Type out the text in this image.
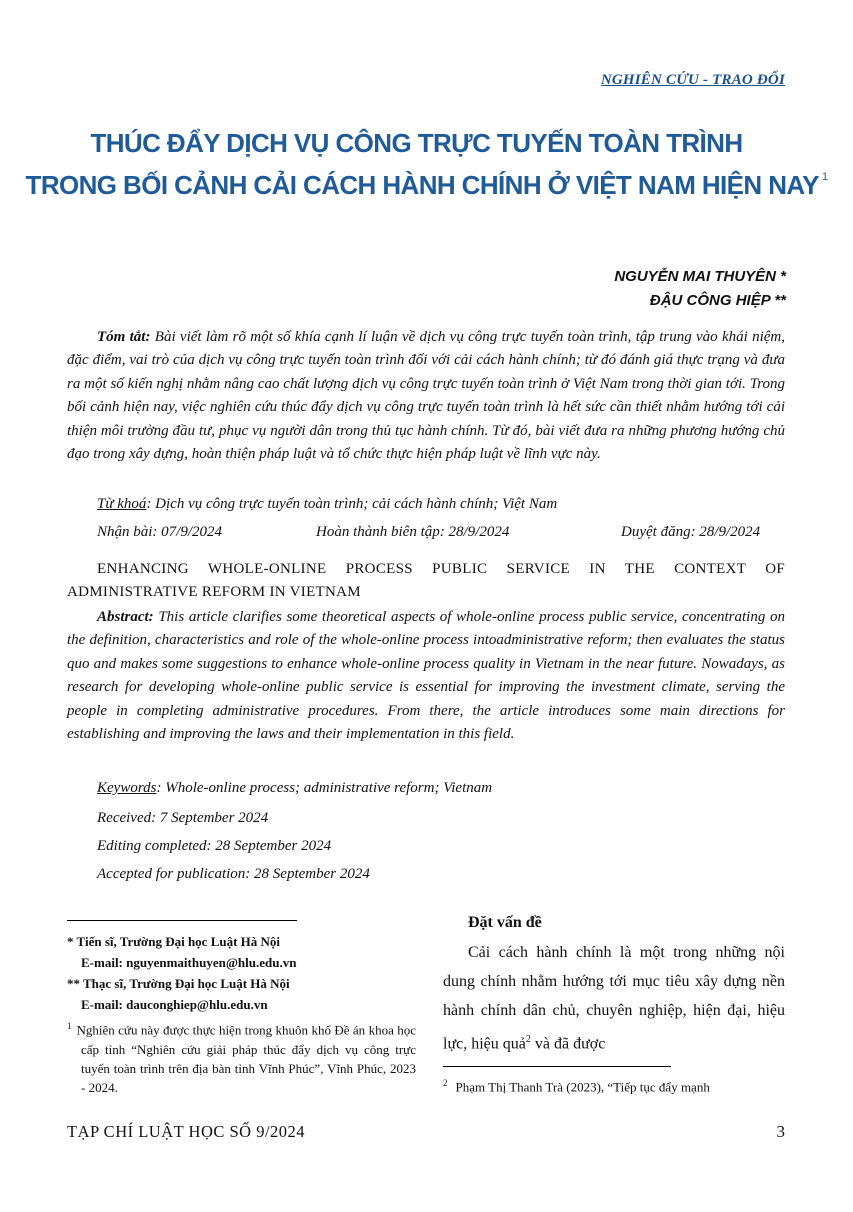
NGHIÊN CỨU - TRAO ĐỔI
THÚC ĐẨY DỊCH VỤ CÔNG TRỰC TUYẾN TOÀN TRÌNH
TRONG BỐI CẢNH CẢI CÁCH HÀNH CHÍNH Ở VIỆT NAM HIỆN NAY $^1$
NGUYỄN MAI THUYÊN *
ĐẬU CÔNG HIỆP **
Tóm tắt: Bài viết làm rõ một số khía cạnh lí luận về dịch vụ công trực tuyến toàn trình, tập trung vào khái niệm, đặc điểm, vai trò của dịch vụ công trực tuyến toàn trình đối với cải cách hành chính; từ đó đánh giá thực trạng và đưa ra một số kiến nghị nhằm nâng cao chất lượng dịch vụ công trực tuyến toàn trình ở Việt Nam trong thời gian tới. Trong bối cảnh hiện nay, việc nghiên cứu thúc đẩy dịch vụ công trực tuyến toàn trình là hết sức cần thiết nhằm hướng tới cải thiện môi trường đầu tư, phục vụ người dân trong thủ tục hành chính. Từ đó, bài viết đưa ra những phương hướng chủ đạo trong xây dựng, hoàn thiện pháp luật và tổ chức thực hiện pháp luật về lĩnh vực này.
Từ khoá: Dịch vụ công trực tuyến toàn trình; cải cách hành chính; Việt Nam
Nhận bài: 07/9/2024	Hoàn thành biên tập: 28/9/2024	Duyệt đăng: 28/9/2024
ENHANCING WHOLE-ONLINE PROCESS PUBLIC SERVICE IN THE CONTEXT OF ADMINISTRATIVE REFORM IN VIETNAM
Abstract: This article clarifies some theoretical aspects of whole-online process public service, concentrating on the definition, characteristics and role of the whole-online process intoadministrative reform; then evaluates the status quo and makes some suggestions to enhance whole-online process quality in Vietnam in the near future. Nowadays, as research for developing whole-online public service is essential for improving the investment climate, serving the people in completing administrative procedures. From there, the article introduces some main directions for establishing and improving the laws and their implementation in this field.
Keywords: Whole-online process; administrative reform; Vietnam
Received: 7 September 2024
Editing completed: 28 September 2024
Accepted for publication: 28 September 2024
* Tiến sĩ, Trường Đại học Luật Hà Nội
E-mail: nguyenmaithuyen@hlu.edu.vn
** Thạc sĩ, Trường Đại học Luật Hà Nội
E-mail: dauconghiep@hlu.edu.vn
$^1$ Nghiên cứu này được thực hiện trong khuôn khổ Đề án khoa học cấp tỉnh “Nghiên cứu giải pháp thúc đẩy dịch vụ công trực tuyến toàn trình trên địa bàn tỉnh Vĩnh Phúc”, Vĩnh Phúc, 2023 - 2024.
Đặt vấn đề
Cải cách hành chính là một trong những nội dung chính nhằm hướng tới mục tiêu xây dựng nền hành chính dân chủ, chuyên nghiệp, hiện đại, hiệu lực, hiệu quả$^2$ và đã được
$^2$ Phạm Thị Thanh Trà (2023), “Tiếp tục đẩy mạnh
TẠP CHÍ LUẬT HỌC SỐ 9/2024	3
